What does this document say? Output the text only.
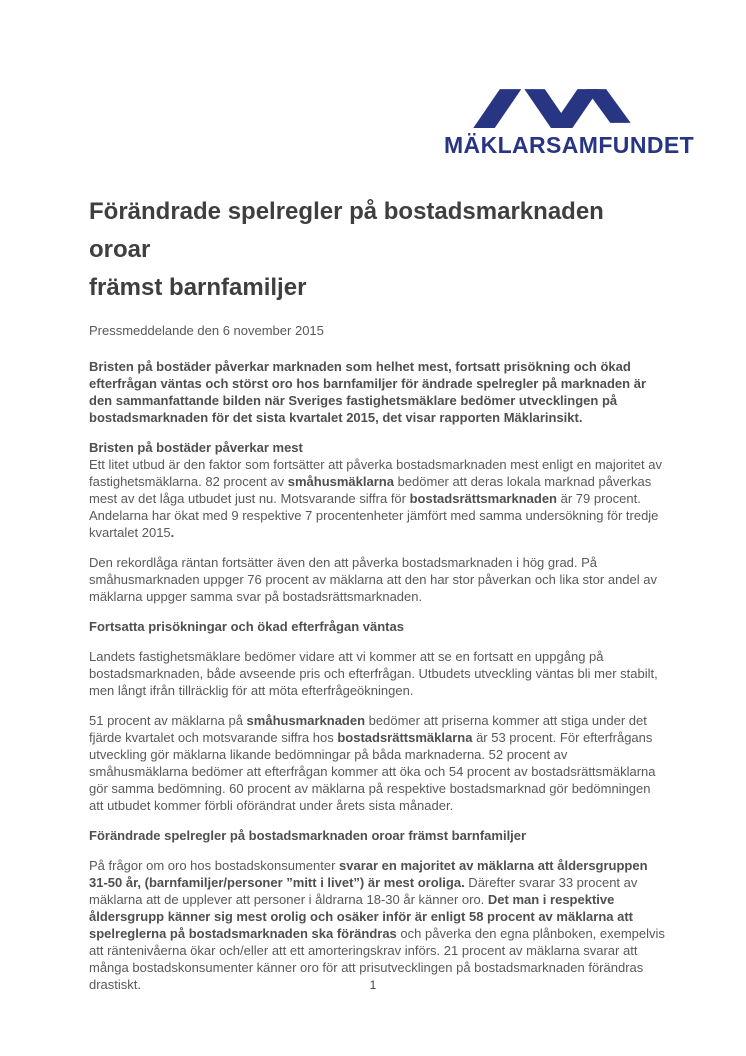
MÄKLARSAMFUNDET
Förändrade spelregler på bostadsmarknaden oroar
främst barnfamiljer

Pressmeddelande den 6 november 2015

Bristen på bostäder påverkar marknaden som helhet mest, fortsatt prisökning och ökad efterfrågan väntas och störst oro hos barnfamiljer för ändrade spelregler på marknaden är den sammanfattande bilden när Sveriges fastighetsmäklare bedömer utvecklingen på bostadsmarknaden för det sista kvartalet 2015, det visar rapporten Mäklarinsikt.

Bristen på bostäder påverkar mest

Ett litet utbud är den faktor som fortsätter att påverka bostadsmarknaden mest enligt en majoritet av fastighetsmäklarna. 82 procent av småhusmäklarna bedömer att deras lokala marknad påverkas mest av det låga utbudet just nu. Motsvarande siffra för bostadsrättsmarknaden är 79 procent. Andelarna har ökat med 9 respektive 7 procentenheter jämfört med samma undersökning för tredje kvartalet 2015.

Den rekordlåga räntan fortsätter även den att påverka bostadsmarknaden i hög grad. På småhusmarknaden uppger 76 procent av mäklarna att den har stor påverkan och lika stor andel av mäklarna uppger samma svar på bostadsrättsmarknaden.

Fortsatta prisökningar och ökad efterfrågan väntas

Landets fastighetsmäklare bedömer vidare att vi kommer att se en fortsatt en uppgång på bostadsmarknaden, både avseende pris och efterfrågan. Utbudets utveckling väntas bli mer stabilt, men långt ifrån tillräcklig för att möta efterfrågeökningen.

51 procent av mäklarna på småhusmarknaden bedömer att priserna kommer att stiga under det fjärde kvartalet och motsvarande siffra hos bostadsrättsmäklarna är 53 procent. För efterfrågans utveckling gör mäklarna likande bedömningar på båda marknaderna. 52 procent av småhusmäklarna bedömer att efterfrågan kommer att öka och 54 procent av bostadsrättsmäklarna gör samma bedömning. 60 procent av mäklarna på respektive bostadsmarknad gör bedömningen att utbudet kommer förbli oförändrat under årets sista månader.

Förändrade spelregler på bostadsmarknaden oroar främst barnfamiljer

På frågor om oro hos bostadskonsumenter svarar en majoritet av mäklarna att åldersgruppen 31-50 år, (barnfamiljer/personer ”mitt i livet”) är mest oroliga. Därefter svarar 33 procent av mäklarna att de upplever att personer i åldrarna 18-30 år känner oro. Det man i respektive åldersgrupp känner sig mest orolig och osäker inför är enligt 58 procent av mäklarna att spelreglerna på bostadsmarknaden ska förändras och påverka den egna plånboken, exempelvis att räntenivåerna ökar och/eller att ett amorteringskrav införs. 21 procent av mäklarna svarar att många bostadskonsumenter känner oro för att prisutvecklingen på bostadsmarknaden förändras drastiskt.	1
